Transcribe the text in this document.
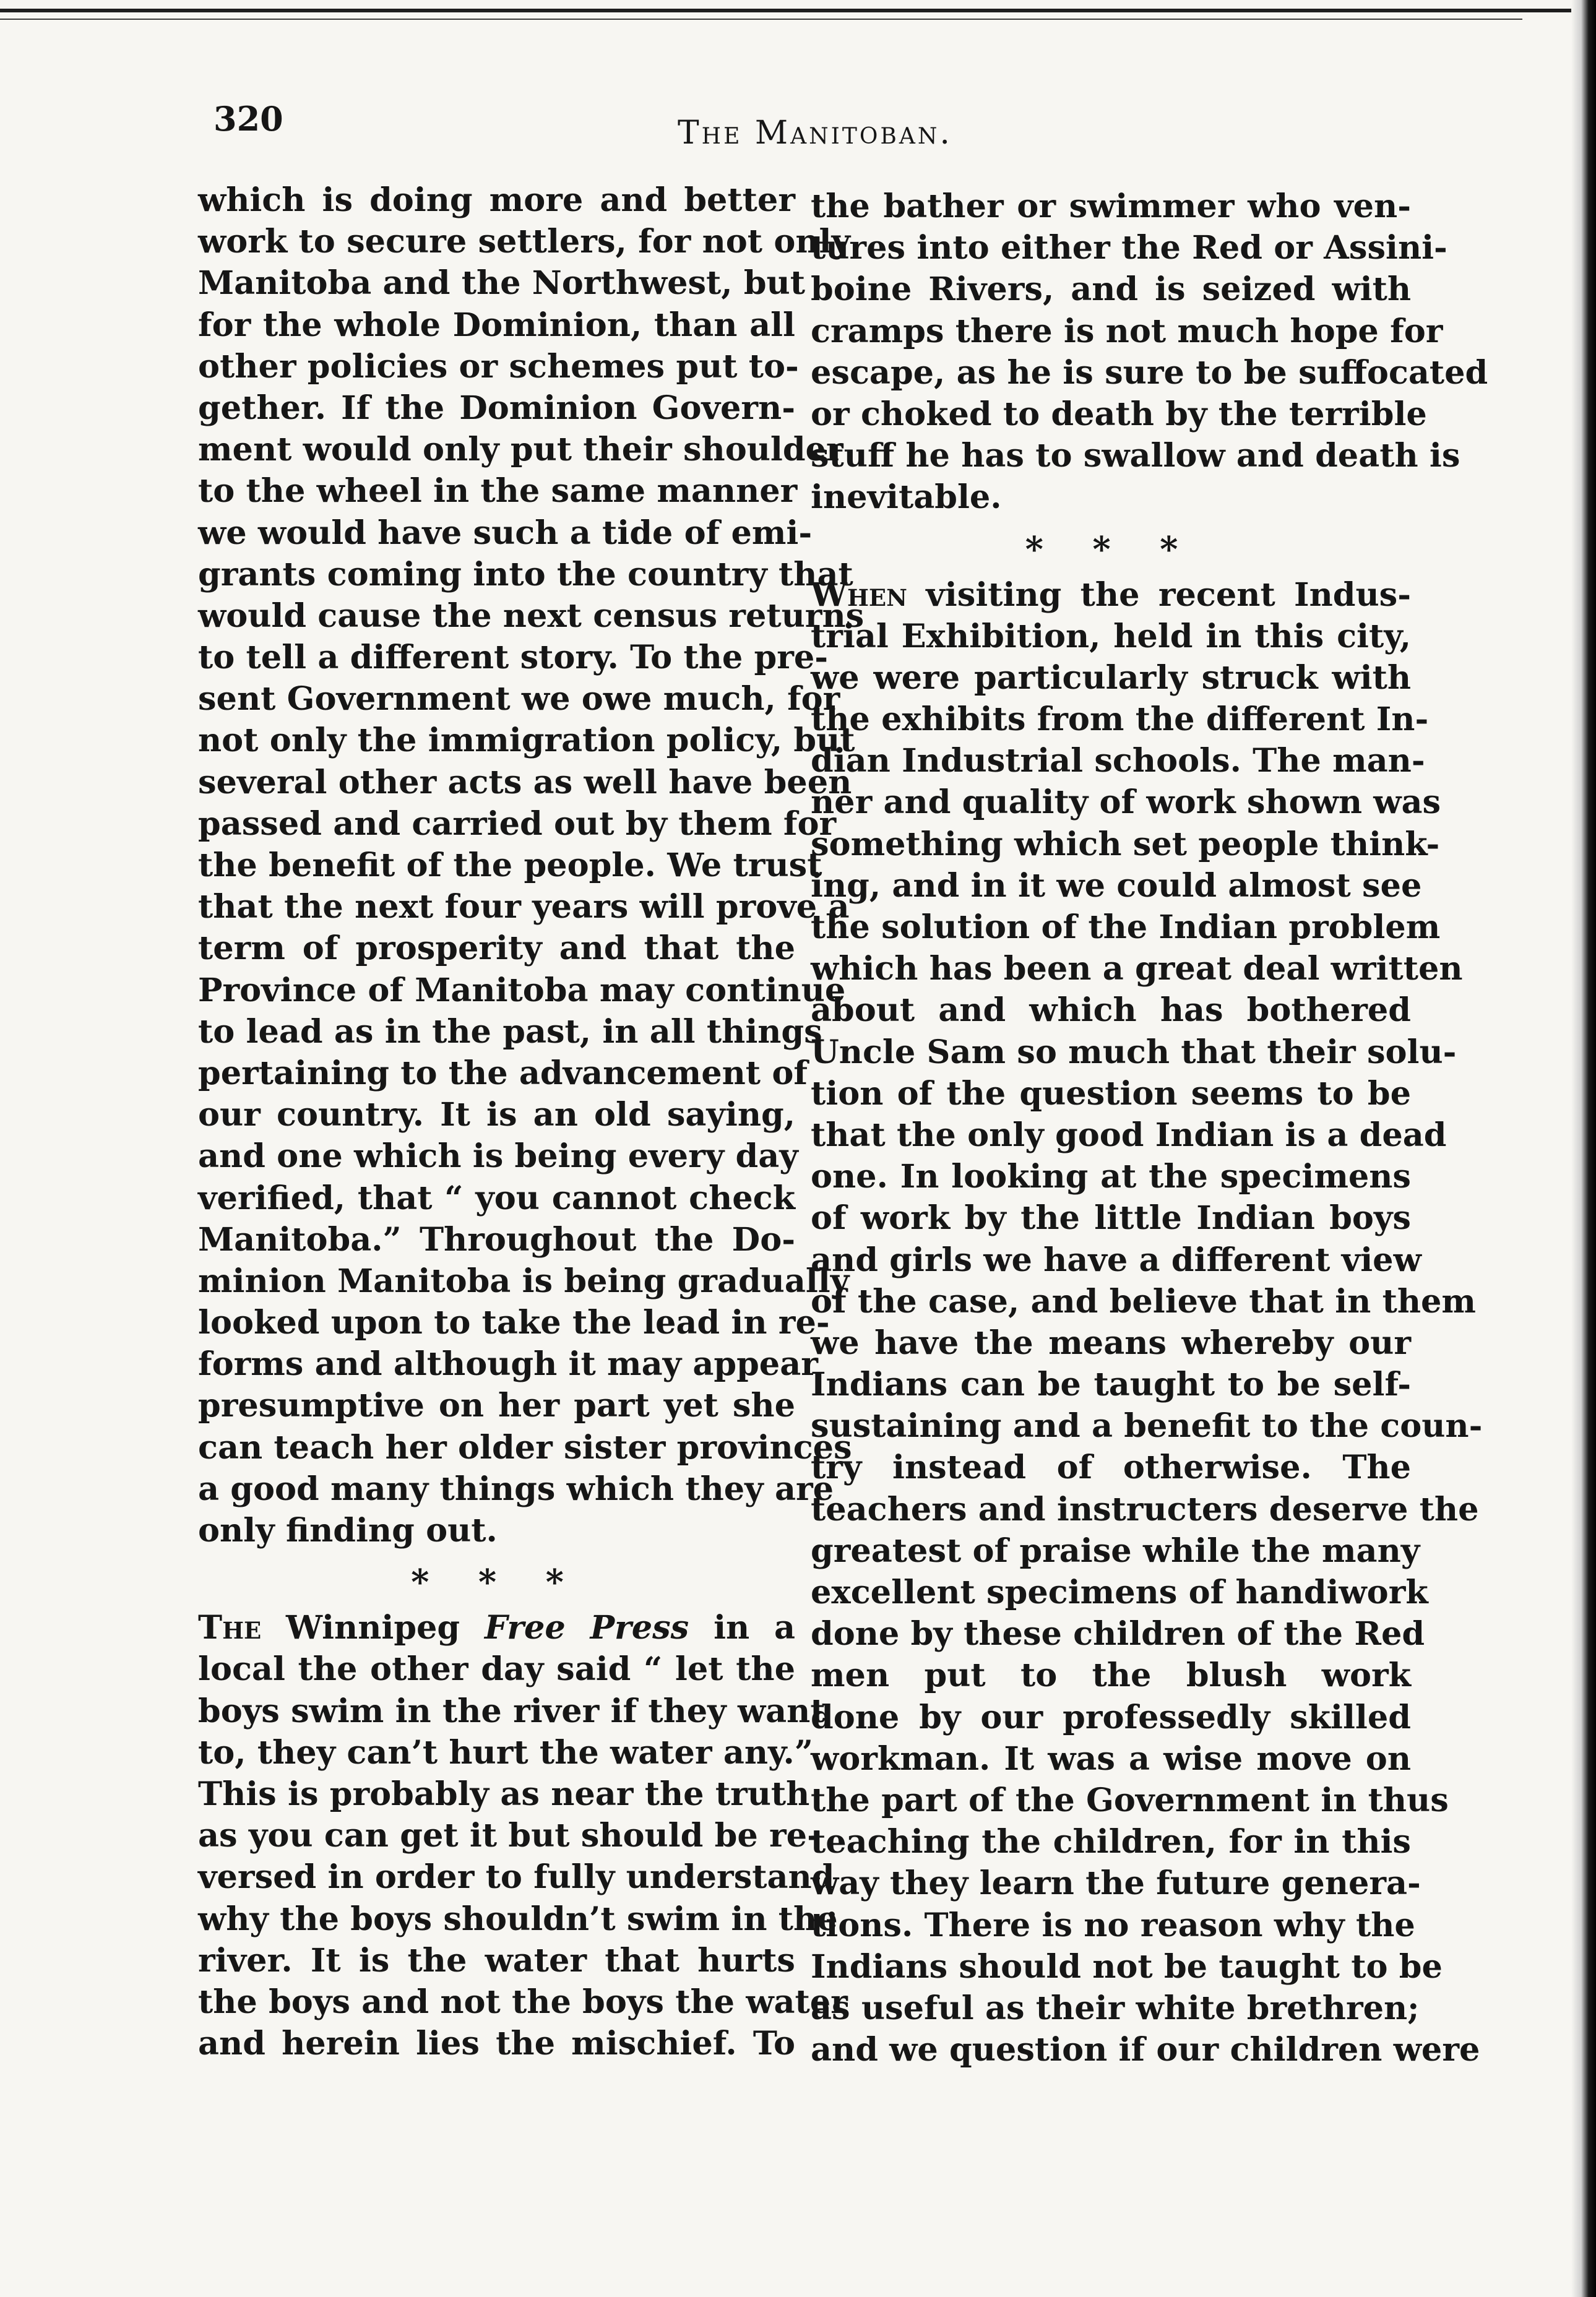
320	The Manitoban.
which is doing more and better
work to secure settlers, for not only
Manitoba and the Northwest, but
for the whole Dominion, than all
other policies or schemes put to-
gether. If the Dominion Govern-
ment would only put their shoulder
to the wheel in the same manner
we would have such a tide of emi-
grants coming into the country that
would cause the next census returns
to tell a different story. To the pre-
sent Government we owe much, for
not only the immigration policy, but
several other acts as well have been
passed and carried out by them for
the benefit of the people. We trust
that the next four years will prove a
term of prosperity and that the
Province of Manitoba may continue
to lead as in the past, in all things
pertaining to the advancement of
our country. It is an old saying,
and one which is being every day
verified, that “ you cannot check
Manitoba.” Throughout the Do-
minion Manitoba is being gradually
looked upon to take the lead in re-
forms and although it may appear
presumptive on her part yet she
can teach her older sister provinces
a good many things which they are
only finding out.
* * *
The Winnipeg Free Press in a
local the other day said “ let the
boys swim in the river if they want
to, they can’t hurt the water any.”
This is probably as near the truth
as you can get it but should be re-
versed in order to fully understand
why the boys shouldn’t swim in the
river. It is the water that hurts
the boys and not the boys the water
and herein lies the mischief. To
the bather or swimmer who ven-
tures into either the Red or Assini-
boine Rivers, and is seized with
cramps there is not much hope for
escape, as he is sure to be suffocated
or choked to death by the terrible
stuff he has to swallow and death is
inevitable.
* * *
When visiting the recent Indus-
trial Exhibition, held in this city,
we were particularly struck with
the exhibits from the different In-
dian Industrial schools. The man-
ner and quality of work shown was
something which set people think-
ing, and in it we could almost see
the solution of the Indian problem
which has been a great deal written
about and which has bothered
Uncle Sam so much that their solu-
tion of the question seems to be
that the only good Indian is a dead
one. In looking at the specimens
of work by the little Indian boys
and girls we have a different view
of the case, and believe that in them
we have the means whereby our
Indians can be taught to be self-
sustaining and a benefit to the coun-
try instead of otherwise. The
teachers and instructers deserve the
greatest of praise while the many
excellent specimens of handiwork
done by these children of the Red
men put to the blush work
done by our professedly skilled
workman. It was a wise move on
the part of the Government in thus
teaching the children, for in this
way they learn the future genera-
tions. There is no reason why the
Indians should not be taught to be
as useful as their white brethren;
and we question if our children were
